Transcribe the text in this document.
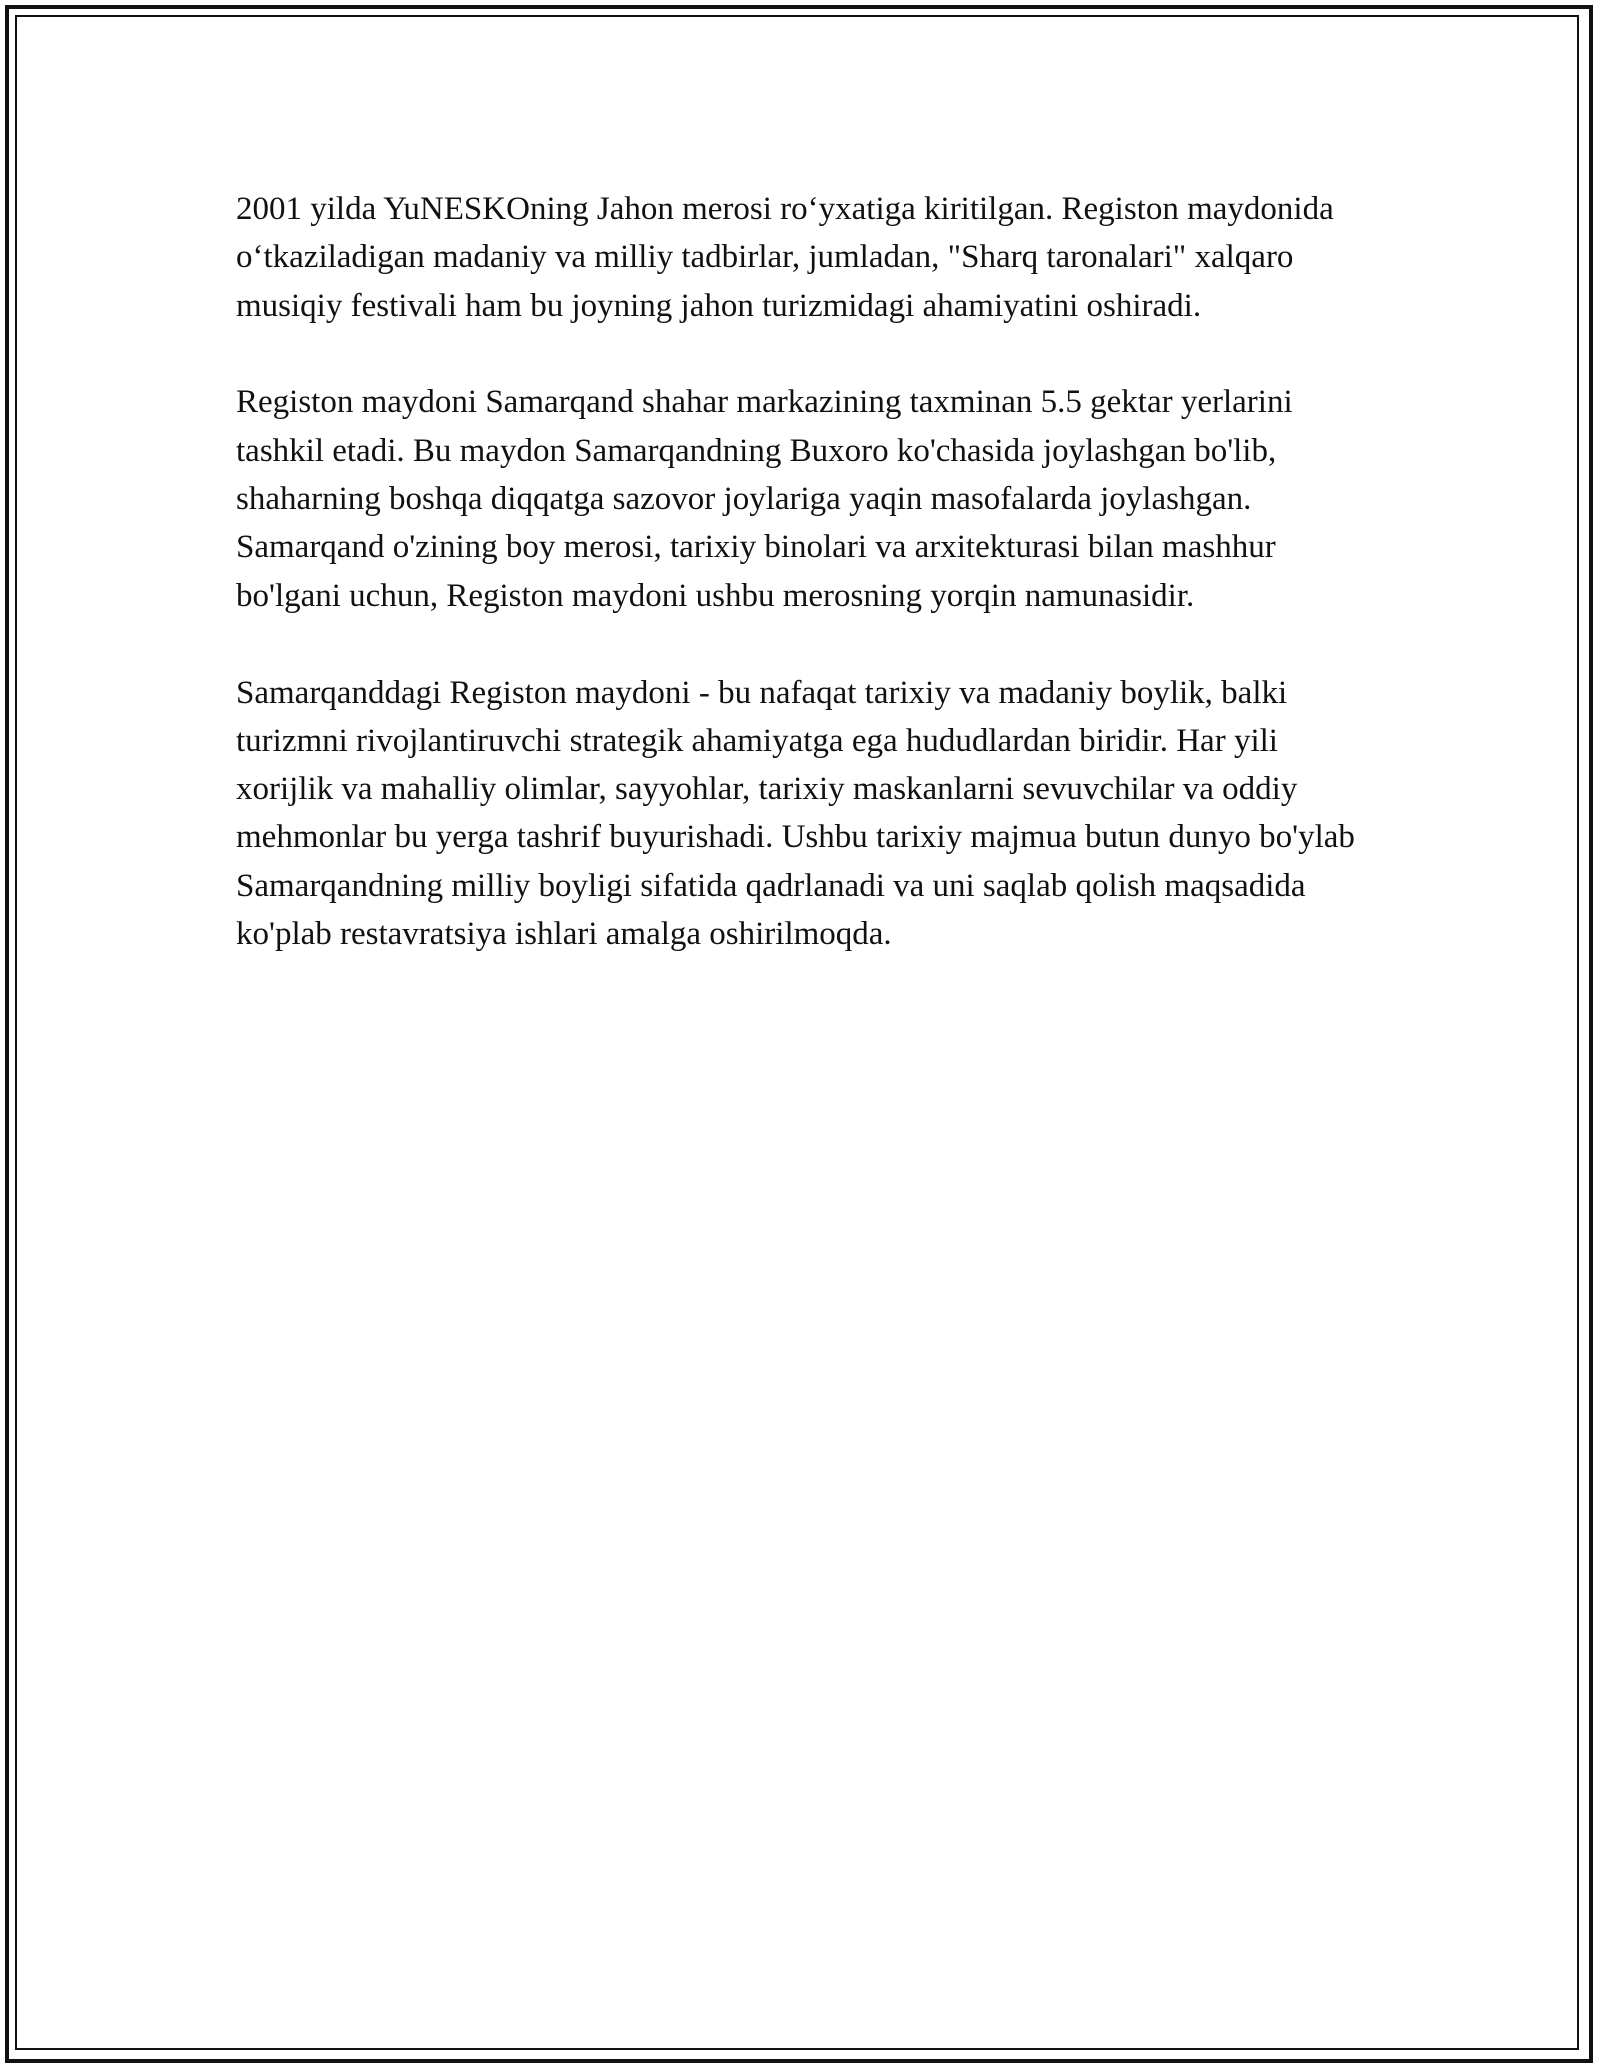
2001 yilda YuNESKOning Jahon merosi ro‘yxatiga kiritilgan. Registon maydonida o‘tkaziladigan madaniy va milliy tadbirlar, jumladan, "Sharq taronalari" xalqaro musiqiy festivali ham bu joyning jahon turizmidagi ahamiyatini oshiradi.

Registon maydoni Samarqand shahar markazining taxminan 5.5 gektar yerlarini tashkil etadi. Bu maydon Samarqandning Buxoro ko'chasida joylashgan bo'lib, shaharning boshqa diqqatga sazovor joylariga yaqin masofalarda joylashgan. Samarqand o'zining boy merosi, tarixiy binolari va arxitekturasi bilan mashhur bo'lgani uchun, Registon maydoni ushbu merosning yorqin namunasidir.

Samarqanddagi Registon maydoni - bu nafaqat tarixiy va madaniy boylik, balki turizmni rivojlantiruvchi strategik ahamiyatga ega hududlardan biridir. Har yili xorijlik va mahalliy olimlar, sayyohlar, tarixiy maskanlarni sevuvchilar va oddiy mehmonlar bu yerga tashrif buyurishadi. Ushbu tarixiy majmua butun dunyo bo'ylab Samarqandning milliy boyligi sifatida qadrlanadi va uni saqlab qolish maqsadida ko'plab restavratsiya ishlari amalga oshirilmoqda.
